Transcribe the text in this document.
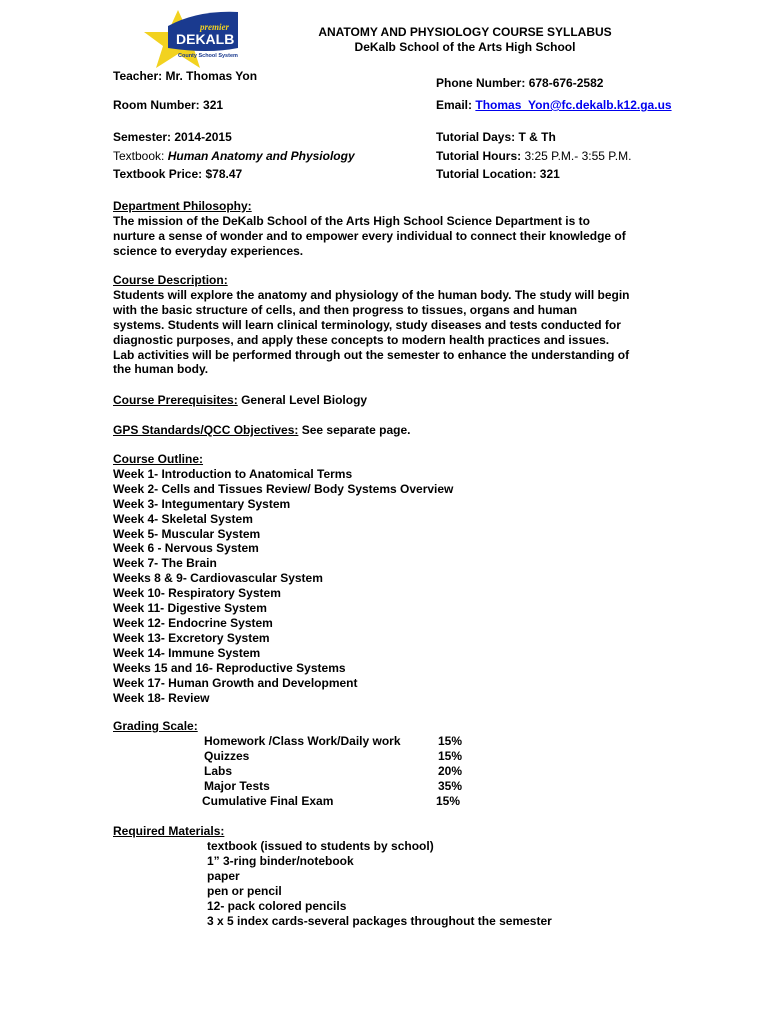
premier
DEKALB
County School System
ANATOMY AND PHYSIOLOGY COURSE SYLLABUS
DeKalb School of the Arts High School
Teacher: Mr. Thomas Yon	Phone Number: 678-676-2582
Room Number: 321	Email: Thomas_Yon@fc.dekalb.k12.ga.us
Semester: 2014-2015	Tutorial Days: T & Th
Textbook: Human Anatomy and Physiology	Tutorial Hours: 3:25 P.M.- 3:55 P.M.
Textbook Price: $78.47	Tutorial Location: 321
Department Philosophy:
The mission of the DeKalb School of the Arts High School Science Department is to
nurture a sense of wonder and to empower every individual to connect their knowledge of
science to everyday experiences.
Course Description:
Students will explore the anatomy and physiology of the human body. The study will begin
with the basic structure of cells, and then progress to tissues, organs and human
systems. Students will learn clinical terminology, study diseases and tests conducted for
diagnostic purposes, and apply these concepts to modern health practices and issues.
Lab activities will be performed through out the semester to enhance the understanding of
the human body.
Course Prerequisites: General Level Biology
GPS Standards/QCC Objectives: See separate page.
Course Outline:
Week 1- Introduction to Anatomical Terms
Week 2- Cells and Tissues Review/ Body Systems Overview
Week 3- Integumentary System
Week 4- Skeletal System
Week 5- Muscular System
Week 6 - Nervous System
Week 7- The Brain
Weeks 8 & 9- Cardiovascular System
Week 10- Respiratory System
Week 11- Digestive System
Week 12- Endocrine System
Week 13- Excretory System
Week 14- Immune System
Weeks 15 and 16- Reproductive Systems
Week 17- Human Growth and Development
Week 18- Review
Grading Scale:
Homework /Class Work/Daily work	15%
Quizzes	15%
Labs	20%
Major Tests	35%
Cumulative Final Exam	15%
Required Materials:
textbook (issued to students by school)
1” 3-ring binder/notebook
paper
pen or pencil
12- pack colored pencils
3 x 5 index cards-several packages throughout the semester
